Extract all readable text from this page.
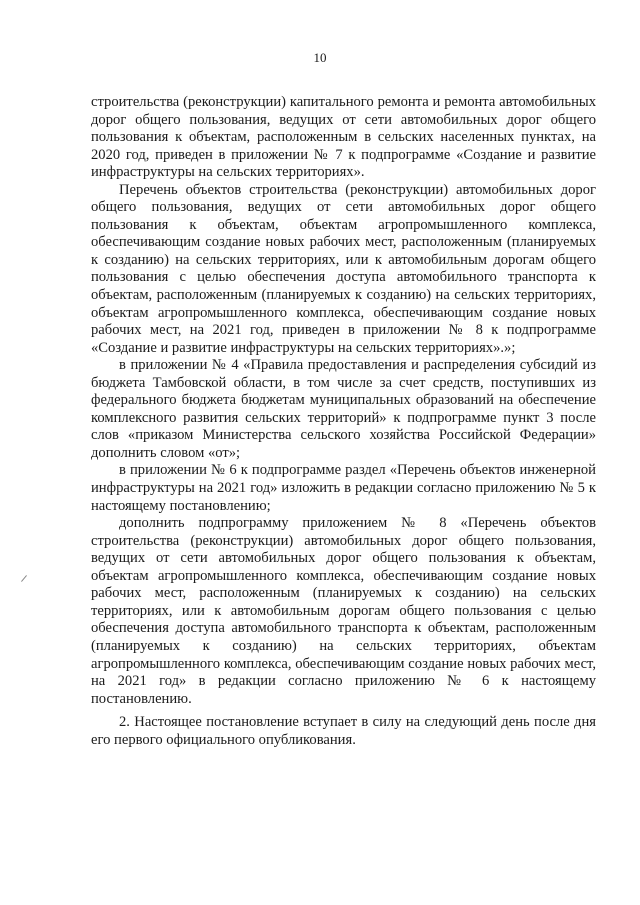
10

строительства (реконструкции) капитального ремонта и ремонта автомобильных дорог общего пользования, ведущих от сети автомобильных дорог общего пользования к объектам, расположенным в сельских населенных пунктах, на 2020 год, приведен в приложении № 7 к подпрограмме «Создание и развитие инфраструктуры на сельских территориях».

Перечень объектов строительства (реконструкции) автомобильных дорог общего пользования, ведущих от сети автомобильных дорог общего пользования к объектам, объектам агропромышленного комплекса, обеспечивающим создание новых рабочих мест, расположенным (планируемых к созданию) на сельских территориях, или к автомобильным дорогам общего пользования с целью обеспечения доступа автомобильного транспорта к объектам, расположенным (планируемых к созданию) на сельских территориях, объектам агропромышленного комплекса, обеспечивающим создание новых рабочих мест, на 2021 год, приведен в приложении № 8 к подпрограмме «Создание и развитие инфраструктуры на сельских территориях».»;

в приложении № 4 «Правила предоставления и распределения субсидий из бюджета Тамбовской области, в том числе за счет средств, поступивших из федерального бюджета бюджетам муниципальных образований на обеспечение комплексного развития сельских территорий» к подпрограмме пункт 3 после слов «приказом Министерства сельского хозяйства Российской Федерации» дополнить словом «от»;

в приложении № 6 к подпрограмме раздел «Перечень объектов инженерной инфраструктуры на 2021 год» изложить в редакции согласно приложению № 5 к настоящему постановлению;

дополнить подпрограмму приложением № 8 «Перечень объектов строительства (реконструкции) автомобильных дорог общего пользования, ведущих от сети автомобильных дорог общего пользования к объектам, объектам агропромышленного комплекса, обеспечивающим создание новых рабочих мест, расположенным (планируемых к созданию) на сельских территориях, или к автомобильным дорогам общего пользования с целью обеспечения доступа автомобильного транспорта к объектам, расположенным (планируемых к созданию) на сельских территориях, объектам агропромышленного комплекса, обеспечивающим создание новых рабочих мест, на 2021 год» в редакции согласно приложению № 6 к настоящему постановлению.

2. Настоящее постановление вступает в силу на следующий день после дня его первого официального опубликования.
